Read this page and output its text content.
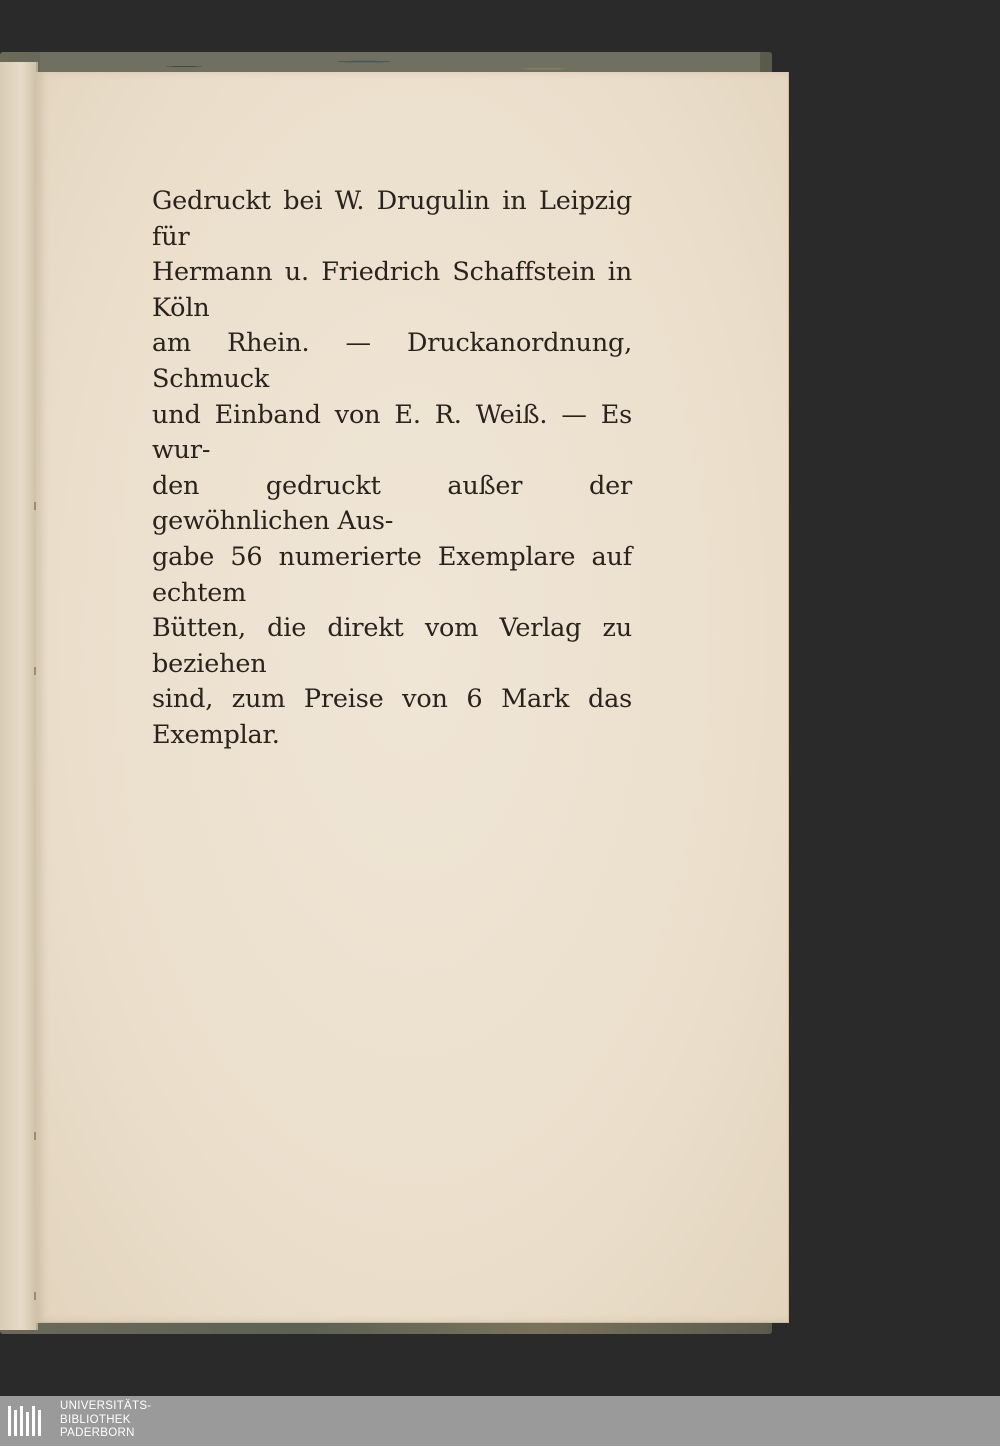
Gedruckt bei W. Drugulin in Leipzig für
Hermann u. Friedrich Schaffstein in Köln
am Rhein. — Druckanordnung, Schmuck
und Einband von E. R. Weiß. — Es wur-
den gedruckt außer der gewöhnlichen Aus-
gabe 56 numerierte Exemplare auf echtem
Bütten, die direkt vom Verlag zu beziehen
sind, zum Preise von 6 Mark das Exemplar.

UNIVERSITÄTS-
BIBLIOTHEK
PADERBORN
